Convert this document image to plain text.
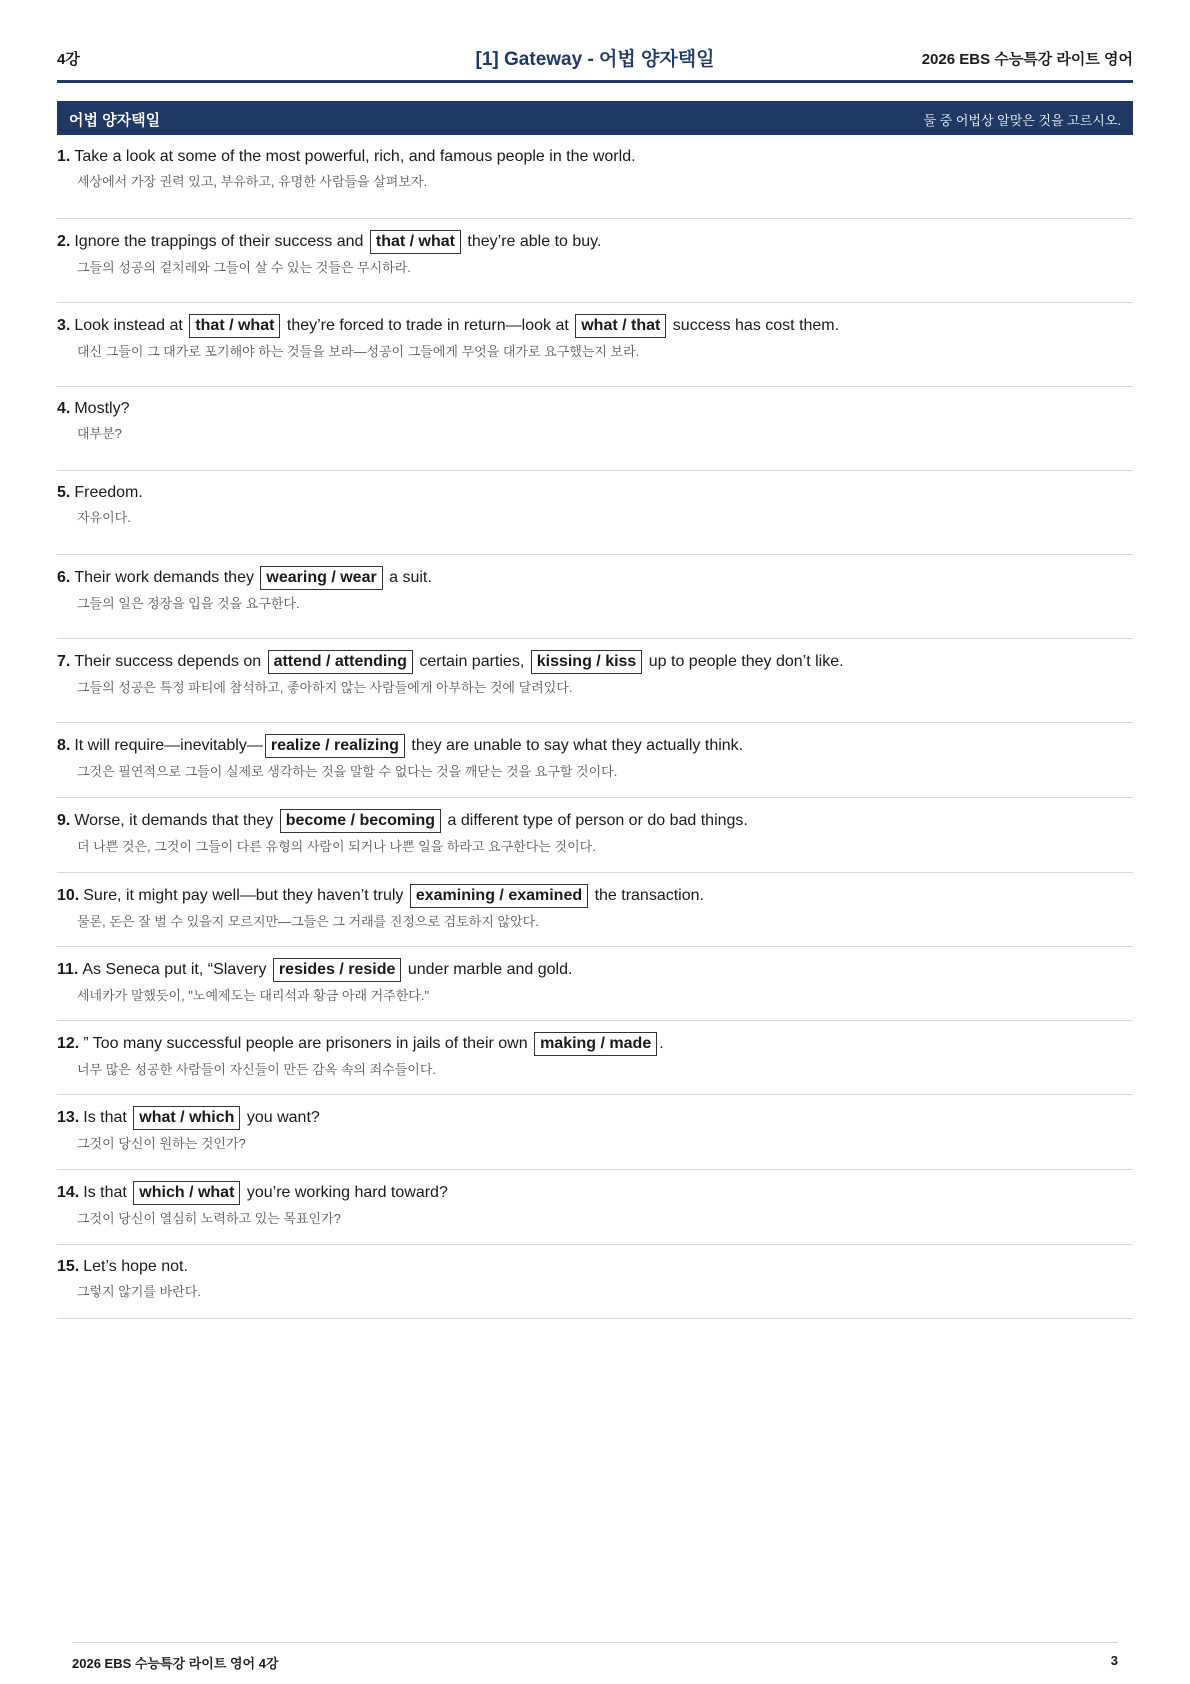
4강	[1] Gateway - 어법 양자택일	2026 EBS 수능특강 라이트 영어
어법 양자택일	둘 중 어법상 알맞은 것을 고르시오.
1. Take a look at some of the most powerful, rich, and famous people in the world.
세상에서 가장 권력 있고, 부유하고, 유명한 사람들을 살펴보자.
2. Ignore the trappings of their success and that / what they’re able to buy.
그들의 성공의 겉치레와 그들이 살 수 있는 것들은 무시하라.
3. Look instead at that / what they’re forced to trade in return—look at what / that success has cost them.
대신 그들이 그 대가로 포기해야 하는 것들을 보라—성공이 그들에게 무엇을 대가로 요구했는지 보라.
4. Mostly?
대부분?
5. Freedom.
자유이다.
6. Their work demands they wearing / wear a suit.
그들의 일은 정장을 입을 것을 요구한다.
7. Their success depends on attend / attending certain parties, kissing / kiss up to people they don’t like.
그들의 성공은 특정 파티에 참석하고, 좋아하지 않는 사람들에게 아부하는 것에 달려있다.
8. It will require—inevitably— realize / realizing they are unable to say what they actually think.
그것은 필연적으로 그들이 실제로 생각하는 것을 말할 수 없다는 것을 깨닫는 것을 요구할 것이다.
9. Worse, it demands that they become / becoming a different type of person or do bad things.
더 나쁜 것은, 그것이 그들이 다른 유형의 사람이 되거나 나쁜 일을 하라고 요구한다는 것이다.
10. Sure, it might pay well—but they haven’t truly examining / examined the transaction.
물론, 돈은 잘 벌 수 있을지 모르지만—그들은 그 거래를 진정으로 검토하지 않았다.
11. As Seneca put it, “Slavery resides / reside under marble and gold.
세네카가 말했듯이, "노예제도는 대리석과 황금 아래 거주한다."
12. ” Too many successful people are prisoners in jails of their own making / made .
너무 많은 성공한 사람들이 자신들이 만든 감옥 속의 죄수들이다.
13. Is that what / which you want?
그것이 당신이 원하는 것인가?
14. Is that which / what you’re working hard toward?
그것이 당신이 열심히 노력하고 있는 목표인가?
15. Let’s hope not.
그렇지 않기를 바란다.
2026 EBS 수능특강 라이트 영어 4강	3
